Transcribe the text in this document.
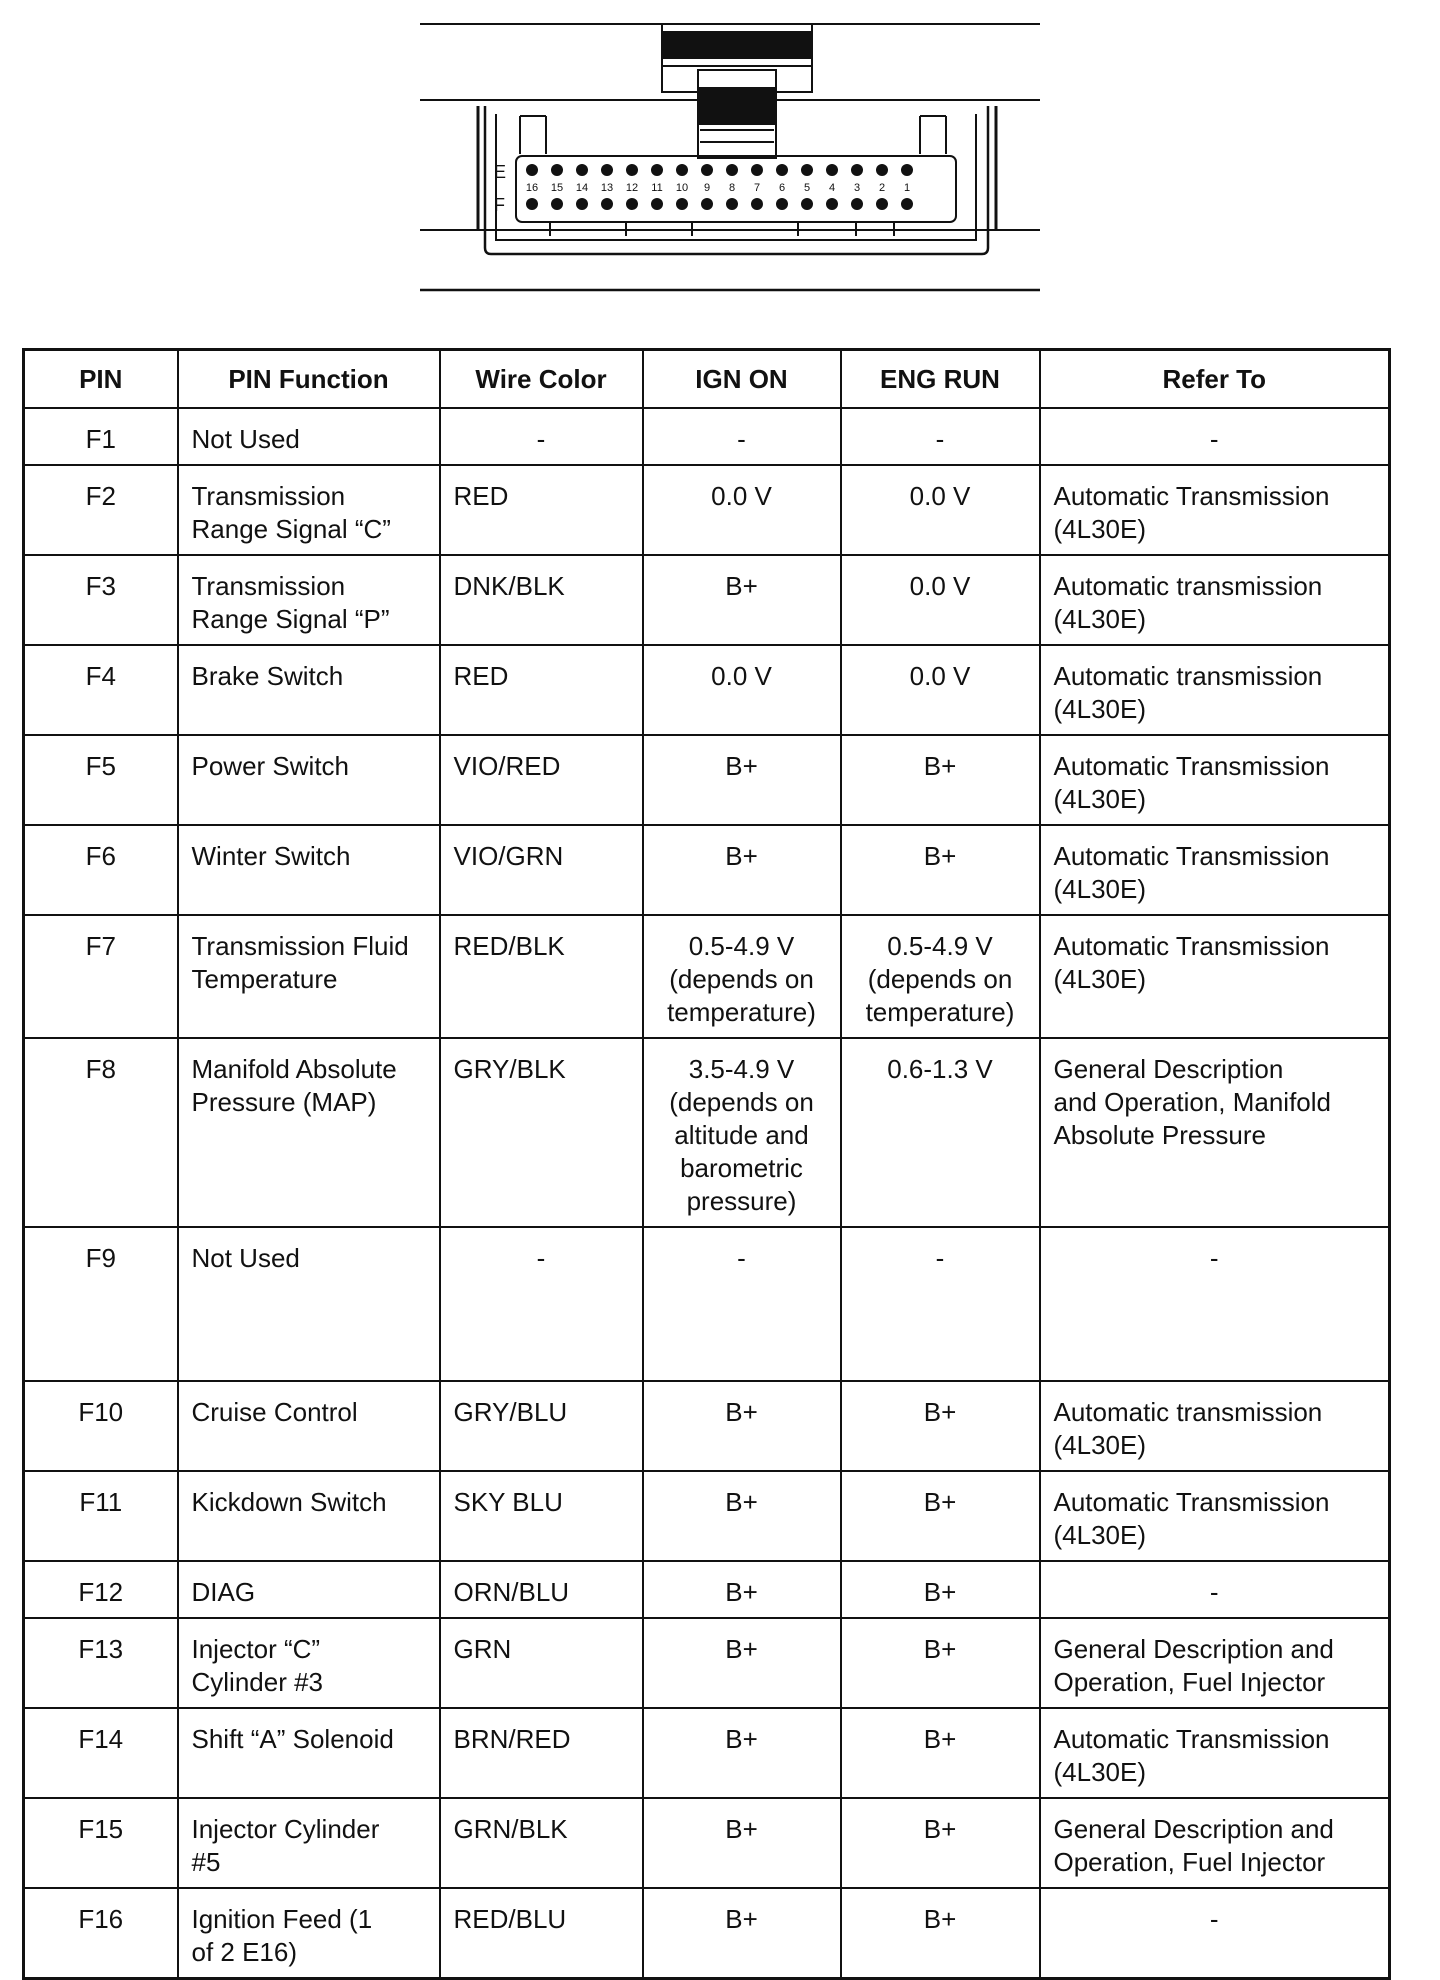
E
F
16 15 14 13 12 11 10 9 8 7 6 5 4 3 2 1
PIN	PIN Function	Wire Color	IGN ON	ENG RUN	Refer To
F1	Not Used	-	-	-	-
F2	Transmission
Range Signal “C”	RED	0.0 V	0.0 V	Automatic Transmission
(4L30E)
F3	Transmission
Range Signal “P”	DNK/BLK	B+	0.0 V	Automatic transmission
(4L30E)
F4	Brake Switch	RED	0.0 V	0.0 V	Automatic transmission
(4L30E)
F5	Power Switch	VIO/RED	B+	B+	Automatic Transmission
(4L30E)
F6	Winter Switch	VIO/GRN	B+	B+	Automatic Transmission
(4L30E)
F7	Transmission Fluid
Temperature	RED/BLK	0.5-4.9 V
(depends on
temperature)	0.5-4.9 V
(depends on
temperature)	Automatic Transmission
(4L30E)
F8	Manifold Absolute
Pressure (MAP)	GRY/BLK	3.5-4.9 V
(depends on
altitude and
barometric
pressure)	0.6-1.3 V	General Description
and Operation, Manifold
Absolute Pressure
F9	Not Used	-	-	-	-
F10	Cruise Control	GRY/BLU	B+	B+	Automatic transmission
(4L30E)
F11	Kickdown Switch	SKY BLU	B+	B+	Automatic Transmission
(4L30E)
F12	DIAG	ORN/BLU	B+	B+	-
F13	Injector “C”
Cylinder #3	GRN	B+	B+	General Description and
Operation, Fuel Injector
F14	Shift “A” Solenoid	BRN/RED	B+	B+	Automatic Transmission
(4L30E)
F15	Injector Cylinder
#5	GRN/BLK	B+	B+	General Description and
Operation, Fuel Injector
F16	Ignition Feed (1
of 2 E16)	RED/BLU	B+	B+	-
